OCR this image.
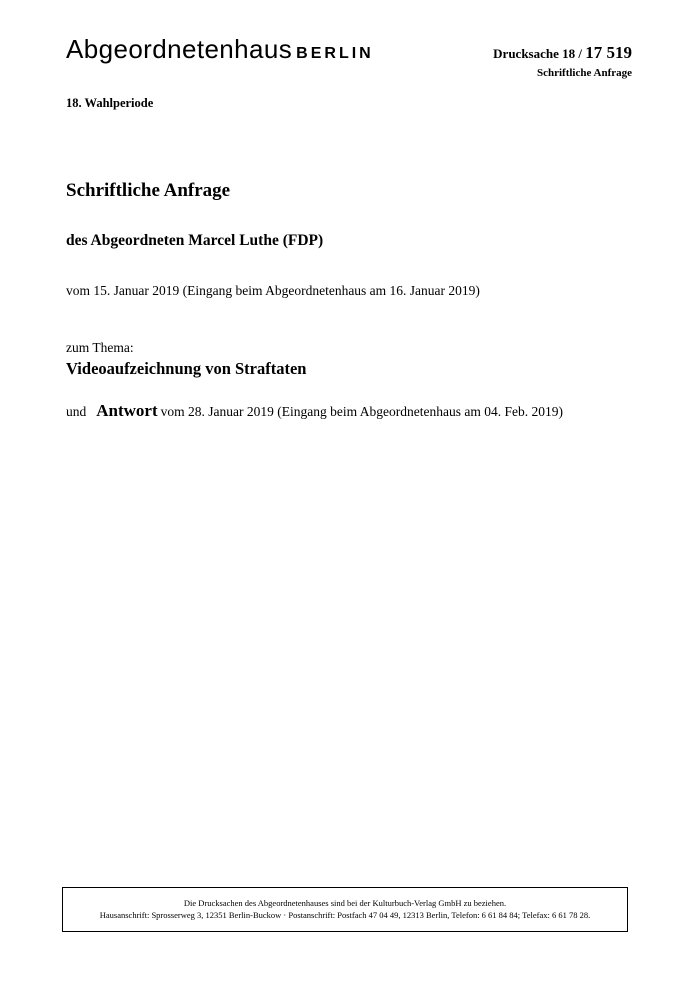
Abgeordnetenhaus BERLIN	Drucksache 18 / 17 519
Schriftliche Anfrage
18. Wahlperiode
Schriftliche Anfrage
des Abgeordneten Marcel Luthe (FDP)
vom 15. Januar 2019 (Eingang beim Abgeordnetenhaus am 16. Januar 2019)
zum Thema:
Videoaufzeichnung von Straftaten
und Antwort vom 28. Januar 2019 (Eingang beim Abgeordnetenhaus am 04. Feb. 2019)
Die Drucksachen des Abgeordnetenhauses sind bei der Kulturbuch-Verlag GmbH zu beziehen.
Hausanschrift: Sprosserweg 3, 12351 Berlin-Buckow · Postanschrift: Postfach 47 04 49, 12313 Berlin, Telefon: 6 61 84 84; Telefax: 6 61 78 28.
